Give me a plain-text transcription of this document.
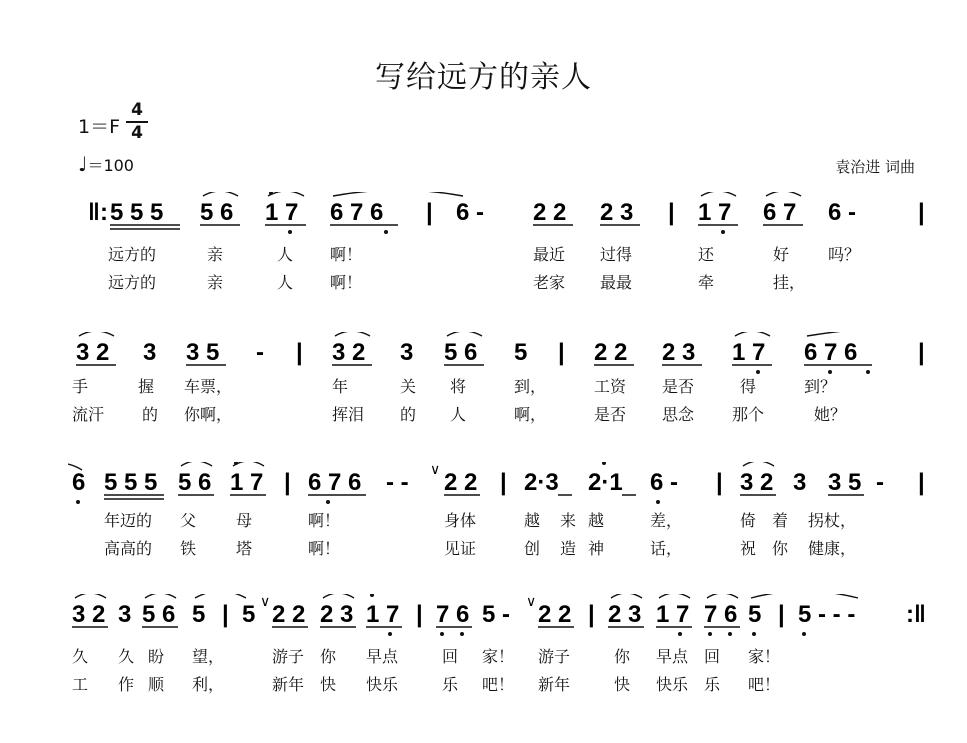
写给远方的亲人
1＝F
4
4
♩＝100	袁治进 词曲
‖: 5 5 5 5 6 1 7 6 7 6 | 6 - 2 2 2 3 | 1 7 6 7 6 -	|
远方的	亲	人 啊！	最近 过得	还	好 吗？
远方的	亲	人 啊！	老家 最最	牵	挂，
3 2 3 3 5 - | 3 2 3 5 6 5 | 2 2 2 3 1 7 6 7 6	|
手	握 车票，	年	关 将	到，	工资 是否	得	到？
流汗 的 你啊，	挥泪 的 人	啊，	是否 思念 那个	她？
6 5 5 5 5 6 1 7 | 6 7 6 - - ∨ 2 2 | 2·3 2·1 6 - | 3 2 3 3 5 - |
年迈的 父 母	啊！	身体	越 来 越	差，	倚 着 拐杖，
高高的 铁 塔	啊！	见证	创 造 神	话，	祝 你 健康，
3 2 3 5 6 5 | 5 ∨ 2 2 2 3 1 7 | 7 6 5 - ∨ 2 2 | 2 3 1 7 7 6 5 | 5 - - - :‖
久 久 盼 望，	游子 你 早点	回 家！ 游子	你 早点 回 家！
工 作 顺 利，	新年 快 快乐	乐 吧！ 新年	快 快乐 乐 吧！
